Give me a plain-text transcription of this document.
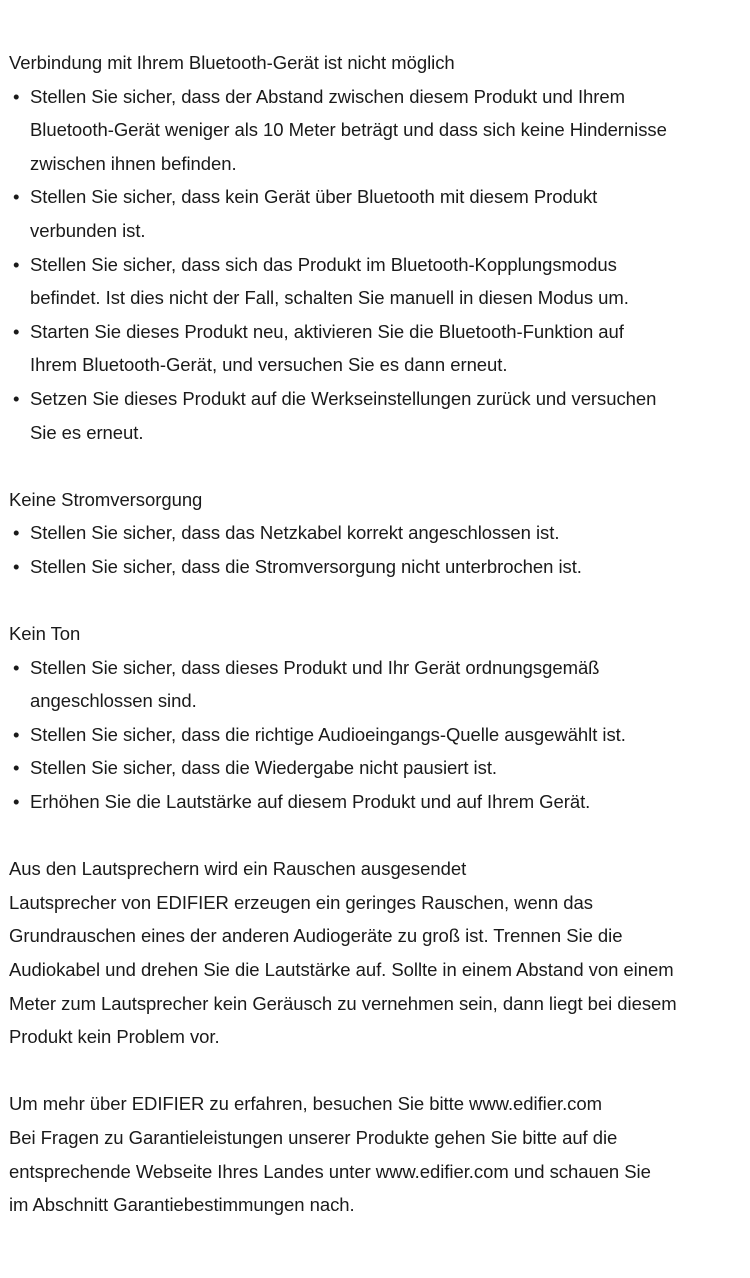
Verbindung mit Ihrem Bluetooth-Gerät ist nicht möglich
• Stellen Sie sicher, dass der Abstand zwischen diesem Produkt und Ihrem
Bluetooth-Gerät weniger als 10 Meter beträgt und dass sich keine Hindernisse
zwischen ihnen befinden.
• Stellen Sie sicher, dass kein Gerät über Bluetooth mit diesem Produkt
verbunden ist.
• Stellen Sie sicher, dass sich das Produkt im Bluetooth-Kopplungsmodus
befindet. Ist dies nicht der Fall, schalten Sie manuell in diesen Modus um.
• Starten Sie dieses Produkt neu, aktivieren Sie die Bluetooth-Funktion auf
Ihrem Bluetooth-Gerät, und versuchen Sie es dann erneut.
• Setzen Sie dieses Produkt auf die Werkseinstellungen zurück und versuchen
Sie es erneut.
Keine Stromversorgung
• Stellen Sie sicher, dass das Netzkabel korrekt angeschlossen ist.
• Stellen Sie sicher, dass die Stromversorgung nicht unterbrochen ist.
Kein Ton
• Stellen Sie sicher, dass dieses Produkt und Ihr Gerät ordnungsgemäß
angeschlossen sind.
• Stellen Sie sicher, dass die richtige Audioeingangs-Quelle ausgewählt ist.
• Stellen Sie sicher, dass die Wiedergabe nicht pausiert ist.
• Erhöhen Sie die Lautstärke auf diesem Produkt und auf Ihrem Gerät.
Aus den Lautsprechern wird ein Rauschen ausgesendet
Lautsprecher von EDIFIER erzeugen ein geringes Rauschen, wenn das
Grundrauschen eines der anderen Audiogeräte zu groß ist. Trennen Sie die
Audiokabel und drehen Sie die Lautstärke auf. Sollte in einem Abstand von einem
Meter zum Lautsprecher kein Geräusch zu vernehmen sein, dann liegt bei diesem
Produkt kein Problem vor.
Um mehr über EDIFIER zu erfahren, besuchen Sie bitte www.edifier.com
Bei Fragen zu Garantieleistungen unserer Produkte gehen Sie bitte auf die
entsprechende Webseite Ihres Landes unter www.edifier.com und schauen Sie
im Abschnitt Garantiebestimmungen nach.
